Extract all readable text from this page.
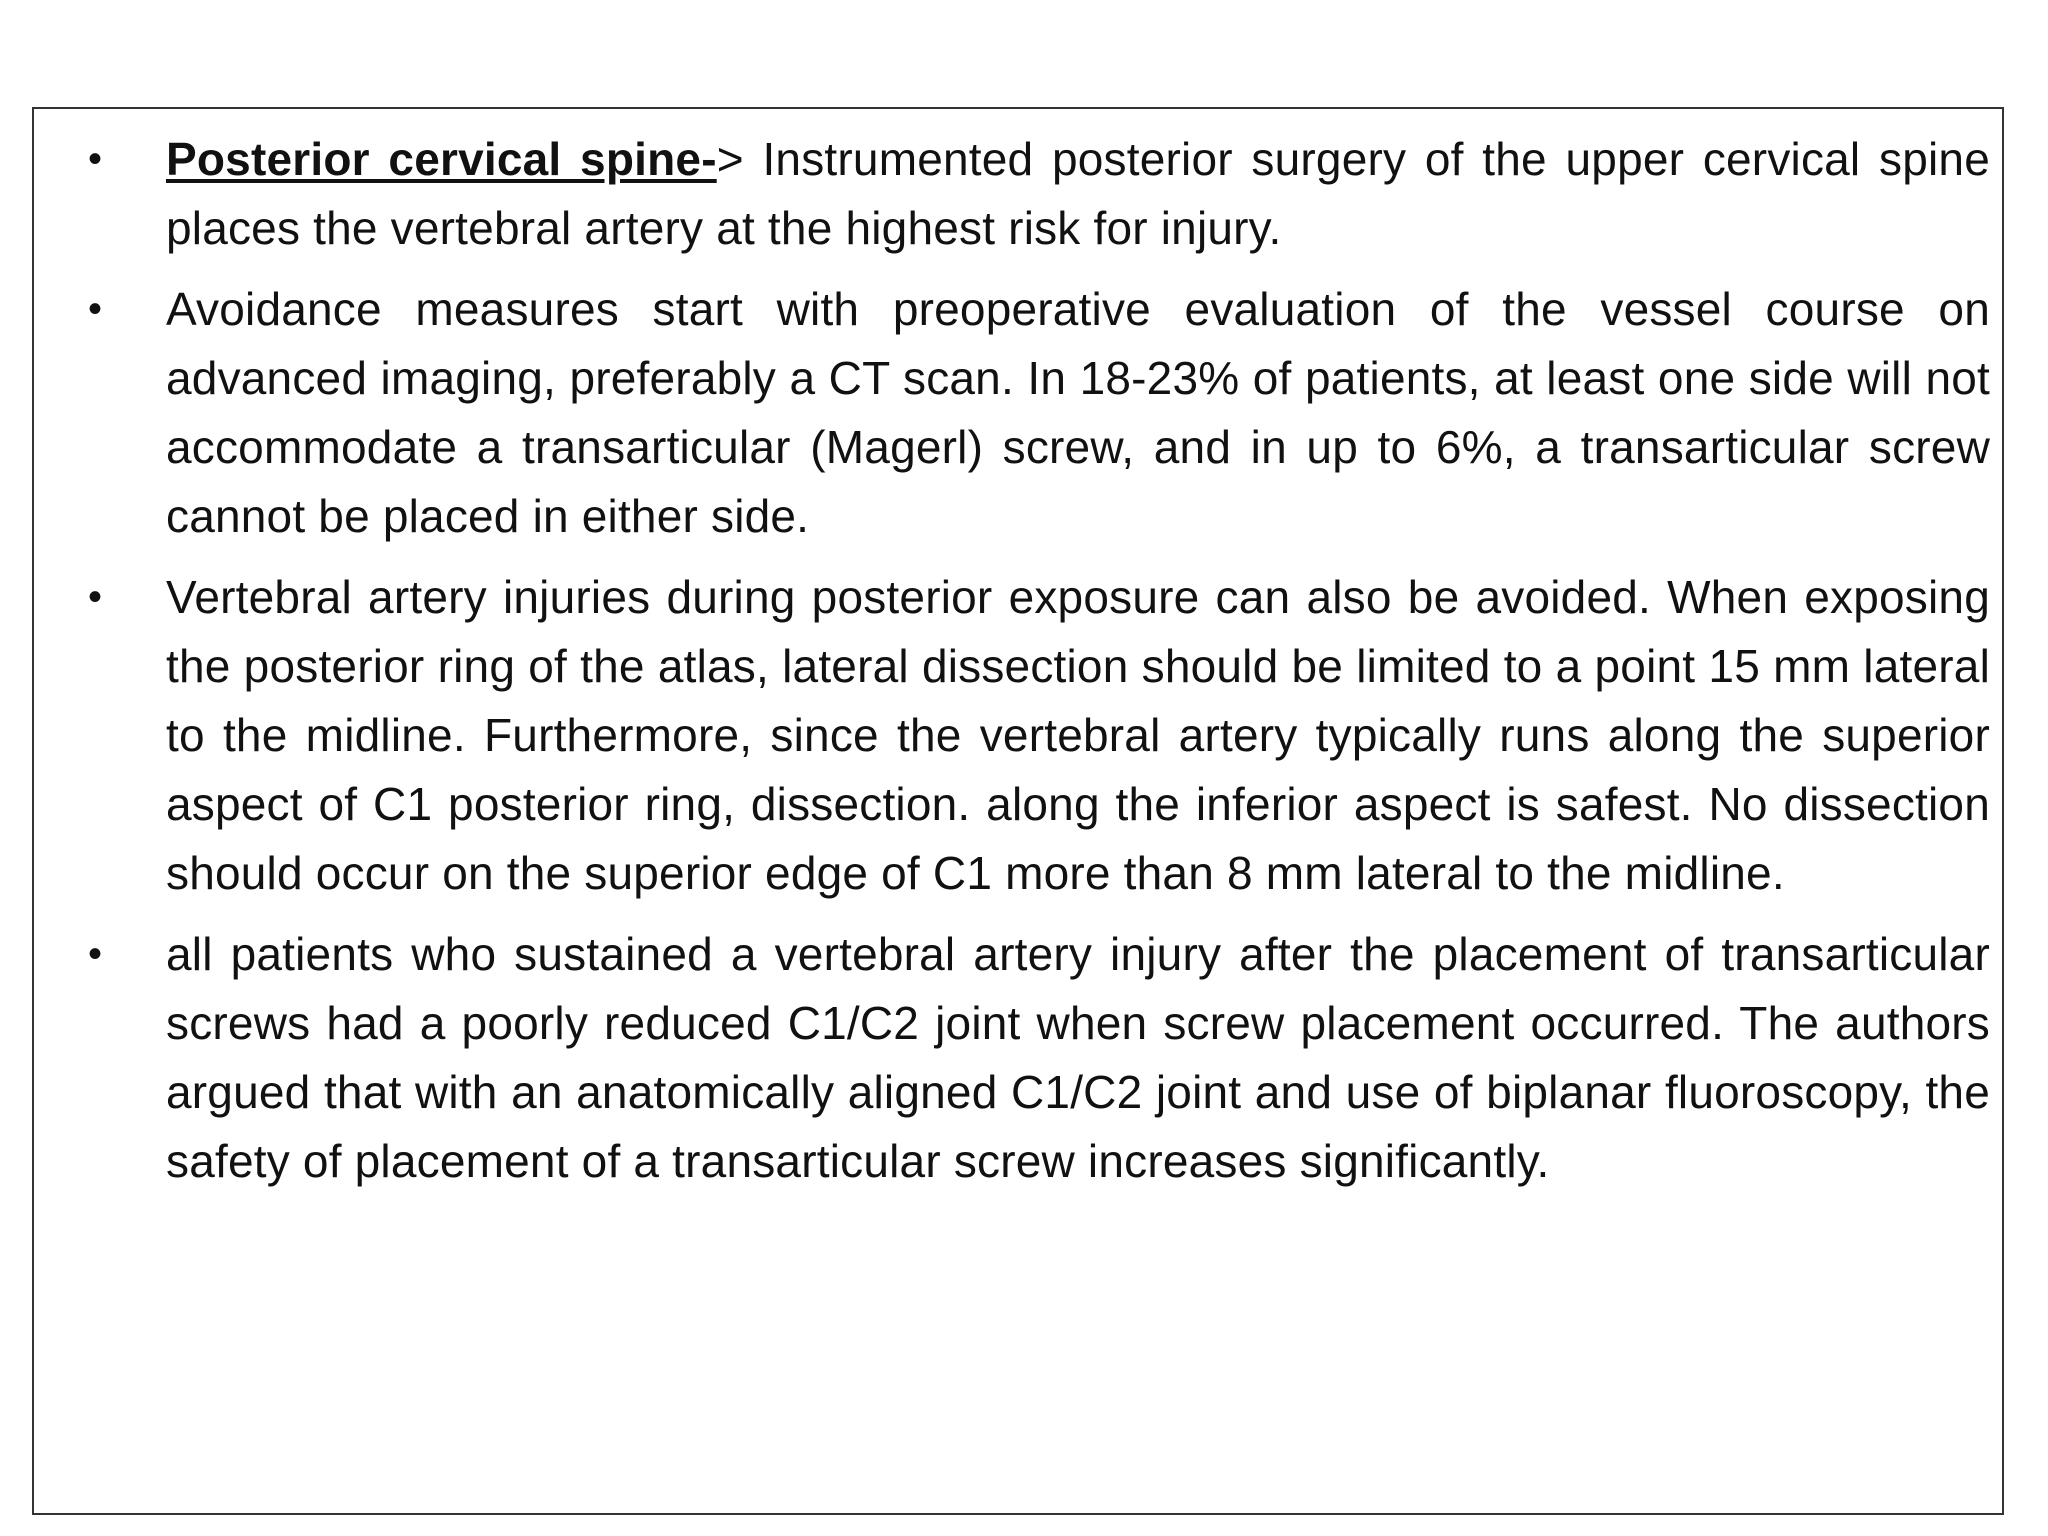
• Posterior cervical spine-> Instrumented posterior surgery of the upper cervical spine places the vertebral artery at the highest risk for injury.
• Avoidance measures start with preoperative evaluation of the vessel course on advanced imaging, preferably a CT scan. In 18-23% of patients, at least one side will not accommodate a transarticular (Magerl) screw, and in up to 6%, a transarticular screw cannot be placed in either side.
• Vertebral artery injuries during posterior exposure can also be avoided. When exposing the posterior ring of the atlas, lateral dissection should be limited to a point 15 mm lateral to the midline. Furthermore, since the vertebral artery typically runs along the superior aspect of C1 posterior ring, dissection. along the inferior aspect is safest. No dissection should occur on the superior edge of C1 more than 8 mm lateral to the midline.
• all patients who sustained a vertebral artery injury after the placement of transarticular screws had a poorly reduced C1/C2 joint when screw placement occurred. The authors argued that with an anatomically aligned C1/C2 joint and use of biplanar fluoroscopy, the safety of placement of a transarticular screw increases significantly.
